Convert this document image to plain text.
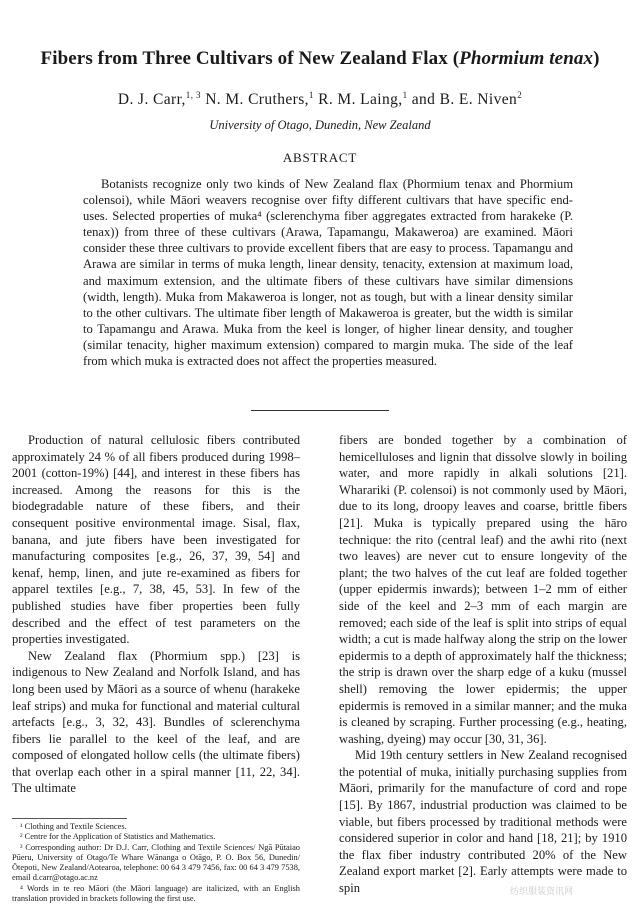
Fibers from Three Cultivars of New Zealand Flax (Phormium tenax)
D. J. Carr,$^{1, 3}$ N. M. Cruthers,$^1$ R. M. Laing,$^1$ and B. E. Niven$^2$
University of Otago, Dunedin, New Zealand
ABSTRACT

Botanists recognize only two kinds of New Zealand flax (Phormium tenax and Phormium colensoi), while Māori weavers recognise over fifty different cultivars that have specific end-uses. Selected properties of muka⁴ (sclerenchyma fiber aggregates extracted from harakeke (P. tenax)) from three of these cultivars (Arawa, Tapamangu, Makaweroa) are examined. Māori consider these three cultivars to provide excellent fibers that are easy to process. Tapamangu and Arawa are similar in terms of muka length, linear density, tenacity, extension at maximum load, and maximum extension, and the ultimate fibers of these cultivars have similar dimensions (width, length). Muka from Makaweroa is longer, not as tough, but with a linear density similar to the other cultivars. The ultimate fiber length of Makaweroa is greater, but the width is similar to Tapamangu and Arawa. Muka from the keel is longer, of higher linear density, and tougher (similar tenacity, higher maximum extension) compared to margin muka. The side of the leaf from which muka is extracted does not affect the properties measured.

Production of natural cellulosic fibers contributed approximately 24 % of all fibers produced during 1998–2001 (cotton-19%) [44], and interest in these fibers has increased. Among the reasons for this is the biodegradable nature of these fibers, and their consequent positive environmental image. Sisal, flax, banana, and jute fibers have been investigated for manufacturing composites [e.g., 26, 37, 39, 54] and kenaf, hemp, linen, and jute re-examined as fibers for apparel textiles [e.g., 7, 38, 45, 53]. In few of the published studies have fiber properties been fully described and the effect of test parameters on the properties investigated.

New Zealand flax (Phormium spp.) [23] is indigenous to New Zealand and Norfolk Island, and has long been used by Māori as a source of whenu (harakeke leaf strips) and muka for functional and material cultural artefacts [e.g., 3, 32, 43]. Bundles of sclerenchyma fibers lie parallel to the keel of the leaf, and are composed of elongated hollow cells (the ultimate fibers) that overlap each other in a spiral manner [11, 22, 34]. The ultimate

fibers are bonded together by a combination of hemicelluloses and lignin that dissolve slowly in boiling water, and more rapidly in alkali solutions [21]. Wharariki (P. colensoi) is not commonly used by Māori, due to its long, droopy leaves and coarse, brittle fibers [21]. Muka is typically prepared using the hāro technique: the rito (central leaf) and the awhi rito (next two leaves) are never cut to ensure longevity of the plant; the two halves of the cut leaf are folded together (upper epidermis inwards); between 1–2 mm of either side of the keel and 2–3 mm of each margin are removed; each side of the leaf is split into strips of equal width; a cut is made halfway along the strip on the lower epidermis to a depth of approximately half the thickness; the strip is drawn over the sharp edge of a kuku (mussel shell) removing the lower epidermis; the upper epidermis is removed in a similar manner; and the muka is cleaned by scraping. Further processing (e.g., heating, washing, dyeing) may occur [30, 31, 36].

Mid 19th century settlers in New Zealand recognised the potential of muka, initially purchasing supplies from Māori, primarily for the manufacture of cord and rope [15]. By 1867, industrial production was claimed to be viable, but fibers processed by traditional methods were considered superior in color and hand [18, 21]; by 1910 the flax fiber industry contributed 20% of the New Zealand export market [2]. Early attempts were made to spin

¹ Clothing and Textile Sciences.
² Centre for the Application of Statistics and Mathematics.
³ Corresponding author: Dr D.J. Carr, Clothing and Textile Sciences/ Ngā Pūtaiao Pūeru, University of Otago/Te Whare Wānanga o Otāgo, P. O. Box 56, Dunedin/Ōtepoti, New Zealand/Aotearoa, telephone: 00 64 3 479 7456, fax: 00 64 3 479 7538, email d.carr@otago.ac.nz
⁴ Words in te reo Māori (the Māori language) are italicized, with an English translation provided in brackets following the first use.
纺织服装资讯网
